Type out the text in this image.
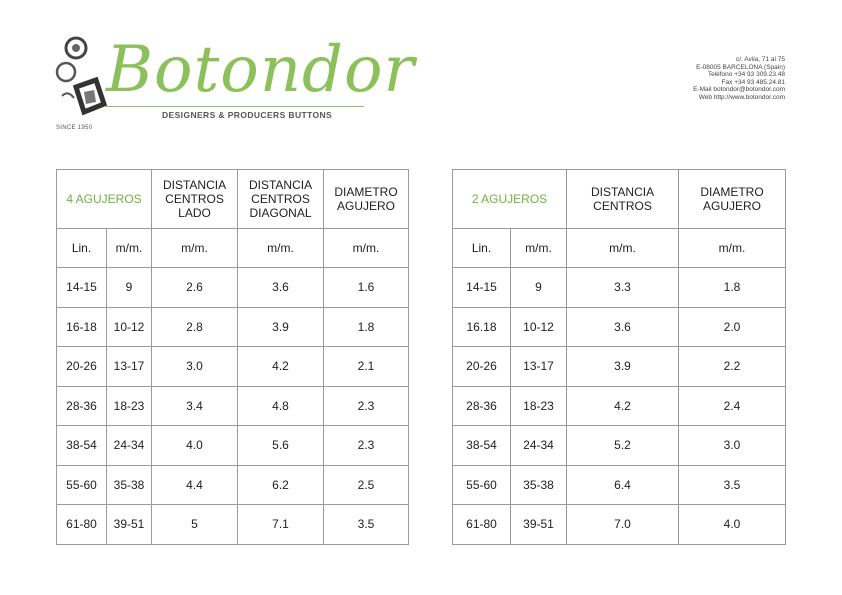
Botondor
DESIGNERS & PRODUCERS BUTTONS
SINCE 1950
c/. Avila, 71 al 75
E-08005 BARCELONA (Spain)
Teléfono +34 93 309.23.48
Fax +34 93 485.24.81
E-Mail botondor@botondor.com
Web http://www.botondor.com
4 AGUJEROS		DISTANCIA CENTROS LADO	DISTANCIA CENTROS DIAGONAL	DIAMETRO AGUJERO
Lin.	m/m.	m/m.	m/m.	m/m.
14-15	9	2.6	3.6	1.6
16-18	10-12	2.8	3.9	1.8
20-26	13-17	3.0	4.2	2.1
28-36	18-23	3.4	4.8	2.3
38-54	24-34	4.0	5.6	2.3
55-60	35-38	4.4	6.2	2.5
61-80	39-51	5	7.1	3.5
2 AGUJEROS		DISTANCIA CENTROS	DIAMETRO AGUJERO
Lin.	m/m.	m/m.	m/m.
14-15	9	3.3	1.8
16.18	10-12	3.6	2.0
20-26	13-17	3.9	2.2
28-36	18-23	4.2	2.4
38-54	24-34	5.2	3.0
55-60	35-38	6.4	3.5
61-80	39-51	7.0	4.0
